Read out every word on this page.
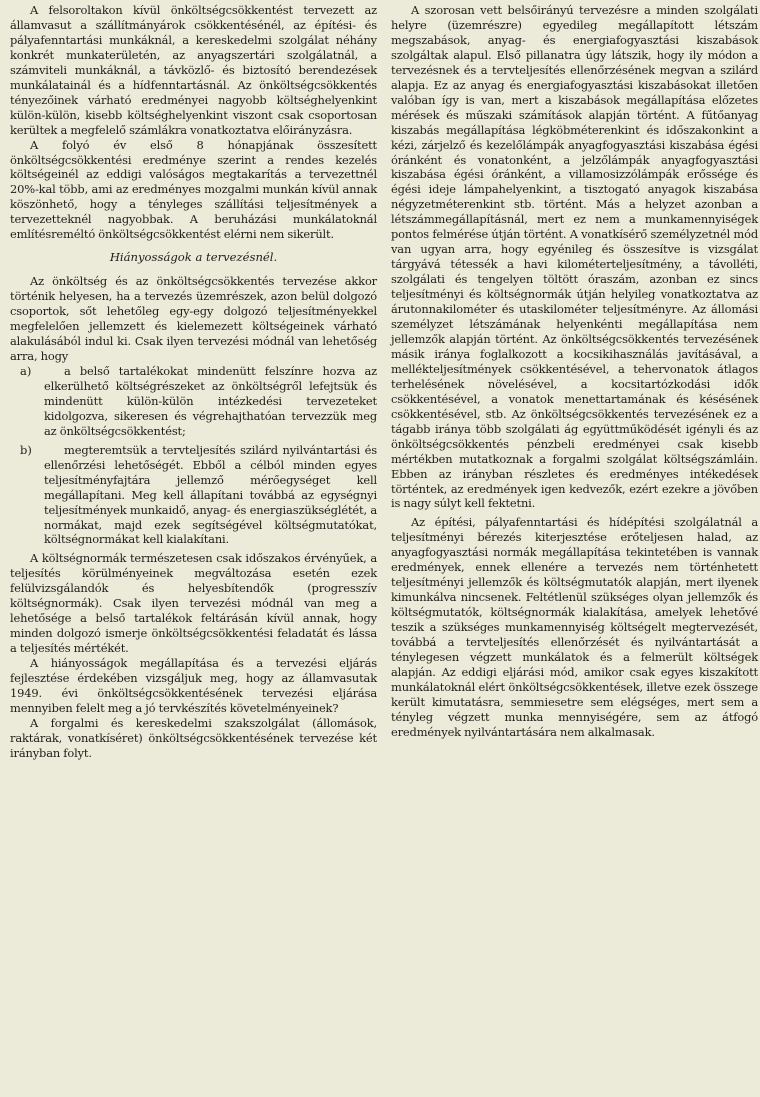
A felsoroltakon kívül önköltségcsökkentést tervezett az államvasut a szállítmányárok csökkentésénél, az építési- és pályafenntartási munkáknál, a kereskedelmi szolgálat néhány konkrét munkaterületén, az anyagszertári szolgálatnál, a számviteli munkáknál, a távközlő- és biztosító berendezések munkálatainál és a hídfenntartásnál. Az önköltségcsökkentés tényezőinek várható eredményei nagyobb költséghelyenkint külön-külön, kisebb költséghelyenkint viszont csak csoportosan kerültek a megfelelő számlákra vonatkoztatva előirányzásra.

A folyó év első 8 hónapjának összesített önköltségcsökkentési eredménye szerint a rendes kezelés költségeinél az eddigi valóságos megtakarítás a tervezettnél 20%-kal több, ami az eredményes mozgalmi munkán kívül annak köszönhető, hogy a tényleges szállítási teljesítmények a tervezetteknél nagyobbak. A beruházási munkálatoknál említésreméltó önköltségcsökkentést elérni nem sikerült.

Hiányosságok a tervezésnél.

Az önköltség és az önköltségcsökkentés tervezése akkor történik helyesen, ha a tervezés üzemrészek, azon belül dolgozó csoportok, sőt lehetőleg egy-egy dolgozó teljesítményekkel megfelelően jellemzett és kielemezett költségeinek várható alakulásából indul ki. Csak ilyen tervezési módnál van lehetőség arra, hogy

a)	a belső tartalékokat mindenütt felszínre hozva az elkerülhető költségrészeket az önköltségről lefejtsük és mindenütt külön-külön intézkedési tervezeteket kidolgozva, sikeresen és végrehajthatóan tervezzük meg az önköltségcsökkentést;

b)	megteremtsük a tervteljesítés szilárd nyilvántartási és ellenőrzési lehetőségét. Ebből a célból minden egyes teljesítményfajtára jellemző mérőegységet kell megállapítani. Meg kell állapítani továbbá az egységnyi teljesítmények munkaidő, anyag- és energiaszükséglétét, a normákat, majd ezek segítségével költségmutatókat, költségnormákat kell kialakítani.

A költségnormák természetesen csak időszakos érvényűek, a teljesítés körülményeinek megváltozása esetén ezek felülvizsgálandók és helyesbítendők (progresszív költségnormák). Csak ilyen tervezési módnál van meg a lehetősége a belső tartalékok feltárásán kívül annak, hogy minden dolgozó ismerje önköltségcsökkentési feladatát és lássa a teljesítés mértékét.

A hiányosságok megállapítása és a tervezési eljárás fejlesztése érdekében vizsgáljuk meg, hogy az államvasutak 1949. évi önköltségcsökkentésének tervezési eljárása mennyiben felelt meg a jó tervkészítés követelményeinek?

A forgalmi és kereskedelmi szakszolgálat (állomások, raktárak, vonatkíséret) önköltségcsökkentésének tervezése két irányban folyt.

A szorosan vett belsőirányú tervezésre a minden szolgálati helyre (üzemrészre) egyedileg megállapított létszám megszabások, anyag- és energiafogyasztási kiszabások szolgáltak alapul. Első pillanatra úgy látszik, hogy ily módon a tervezésnek és a tervteljesítés ellenőrzésének megvan a szilárd alapja. Ez az anyag és energiafogyasztási kiszabásokat illetően valóban így is van, mert a kiszabások megállapítása előzetes mérések és műszaki számítások alapján történt. A fűtőanyag kiszabás megállapítása légköbméterenkint és időszakonkint a kézi, zárjelző és kezelőlámpák anyagfogyasztási kiszabása égési óránként és vonatonként, a jelzőlámpák anyagfogyasztási kiszabása égési óránként, a villamosizzólámpák erőssége és égési ideje lámpahelyenkint, a tisztogató anyagok kiszabása négyzetméterenkint stb. történt. Más a helyzet azonban a létszámmegállapításnál, mert ez nem a munkamennyiségek pontos felmérése útján történt. A vonatkísérő személyzetnél mód van ugyan arra, hogy egyénileg és összesítve is vizsgálat tárgyává tétessék a havi kilométerteljesítmény, a távolléti, szolgálati és tengelyen töltött óraszám, azonban ez sincs teljesítményi és költségnormák útján helyileg vonatkoztatva az árutonnakilométer és utaskilométer teljesítményre. Az állomási személyzet létszámának helyenkénti megállapítása nem jellemzők alapján történt. Az önköltségcsökkentés tervezésének másik iránya foglalkozott a kocsikihasználás javításával, a mellékteljesítmények csökkentésével, a tehervonatok átlagos terhelésének növelésével, a kocsitartózkodási idők csökkentésével, a vonatok menettartamának és késésének csökkentésével, stb. Az önköltségcsökkentés tervezésének ez a tágabb iránya több szolgálati ág együttműködését igényli és az önköltségcsökkentés pénzbeli eredményei csak kisebb mértékben mutatkoznak a forgalmi szolgálat költségszámláin. Ebben az irányban részletes és eredményes intékedések történtek, az eredmények igen kedvezők, ezért ezekre a jövőben is nagy súlyt kell fektetni.

Az építési, pályafenntartási és hídépítési szolgálatnál a teljesítményi bérezés kiterjesztése erőteljesen halad, az anyagfogyasztási normák megállapítása tekintetében is vannak eredmények, ennek ellenére a tervezés nem történhetett teljesítményi jellemzők és költségmutatók alapján, mert ilyenek kimunkálva nincsenek. Feltétlenül szükséges olyan jellemzők és költségmutatók, költségnormák kialakítása, amelyek lehetővé teszik a szükséges munkamennyiség költségelt megtervezését, továbbá a tervteljesítés ellenőrzését és nyilvántartását a ténylegesen végzett munkálatok és a felmerült költségek alapján. Az eddigi eljárási mód, amikor csak egyes kiszakított munkálatoknál elért önköltségcsökkentések, illetve ezek összege került kimutatásra, semmiesetre sem elégséges, mert sem a tényleg végzett munka mennyiségére, sem az átfogó eredmények nyilvántartására nem alkalmasak.
